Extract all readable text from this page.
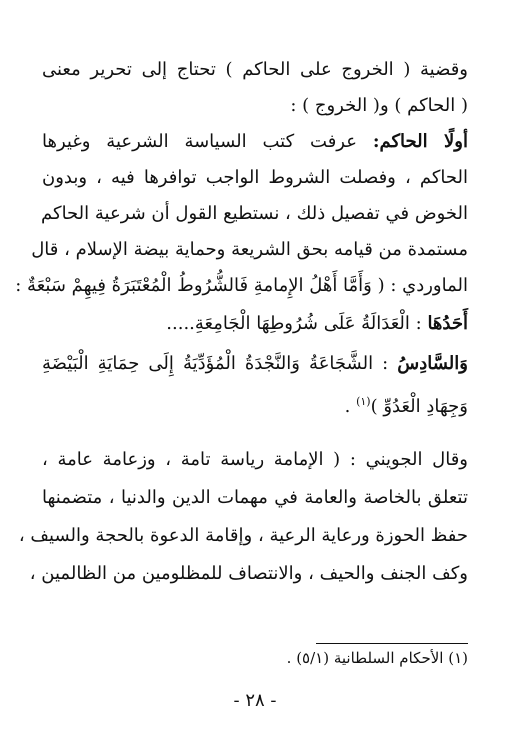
وقضية ( الخروج على الحاكم ) تحتاج إلى تحرير معنى
( الحاكم ) و( الخروج ) :
أولًا الحاكم: عرفت كتب السياسة الشرعية وغيرها
الحاكم ، وفصلت الشروط الواجب توافرها فيه ، وبدون
الخوض في تفصيل ذلك ، نستطيع القول أن شرعية الحاكم
مستمدة من قيامه بحق الشريعة وحماية بيضة الإسلام ، قال
الماوردي : ( وَأَمَّا أَهْلُ الإِمامةِ فَالشُّرُوطُ الْمُعْتَبَرَةُ فِيهِمْ سَبْعَةٌ :
أَحَدُهَا : الْعَدَالَةُ عَلَى شُرُوطِهَا الْجَامِعَةِ.....
وَالسَّادِسُ : الشَّجَاعَةُ وَالنَّجْدَةُ الْمُؤَدِّيَةُ إِلَى حِمَايَةِ الْبَيْضَةِ
وَجِهَادِ الْعَدُوِّ )$^{(١)}$ .
وقال الجويني : ( الإمامة رياسة تامة ، وزعامة عامة ،
تتعلق بالخاصة والعامة في مهمات الدين والدنيا ، متضمنها
حفظ الحوزة ورعاية الرعية ، وإقامة الدعوة بالحجة والسيف ،
وكف الجنف والحيف ، والانتصاف للمظلومين من الظالمين ،
(١) الأحكام السلطانية (٥/١) .
- ٢٨ -
